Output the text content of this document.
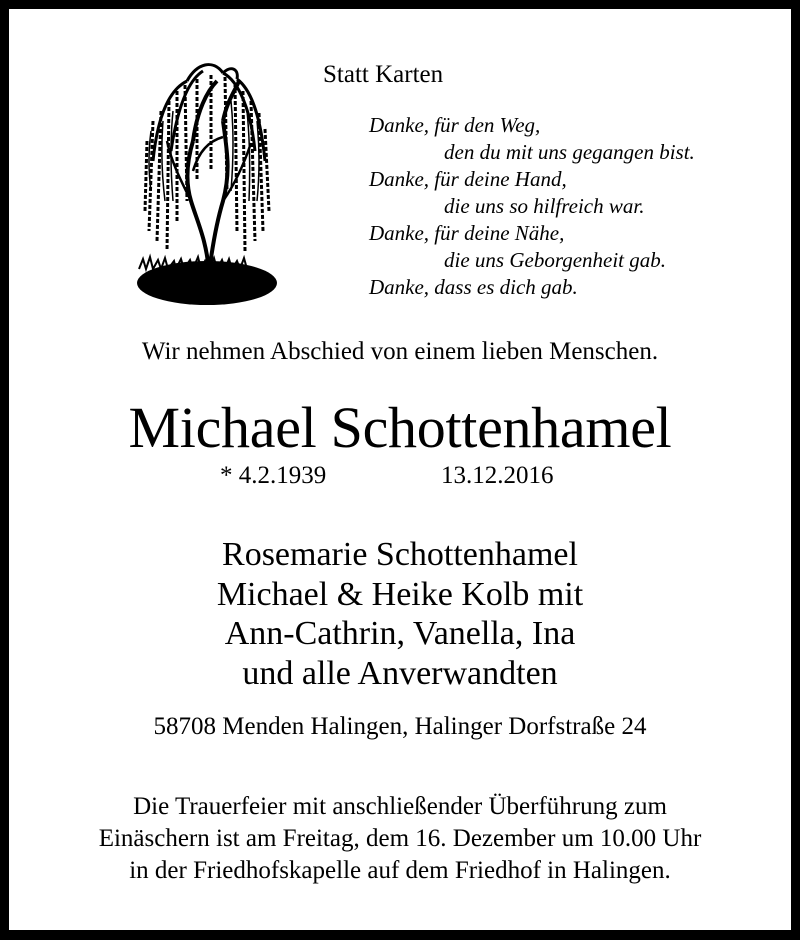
Statt Karten
Danke, für den Weg,
den du mit uns gegangen bist.
Danke, für deine Hand,
die uns so hilfreich war.
Danke, für deine Nähe,
die uns Geborgenheit gab.
Danke, dass es dich gab.
Wir nehmen Abschied von einem lieben Menschen.
Michael Schottenhamel
* 4.2.1939	13.12.2016
Rosemarie Schottenhamel
Michael & Heike Kolb mit
Ann-Cathrin, Vanella, Ina
und alle Anverwandten
58708 Menden Halingen, Halinger Dorfstraße 24
Die Trauerfeier mit anschließender Überführung zum
Einäschern ist am Freitag, dem 16. Dezember um 10.00 Uhr
in der Friedhofskapelle auf dem Friedhof in Halingen.
